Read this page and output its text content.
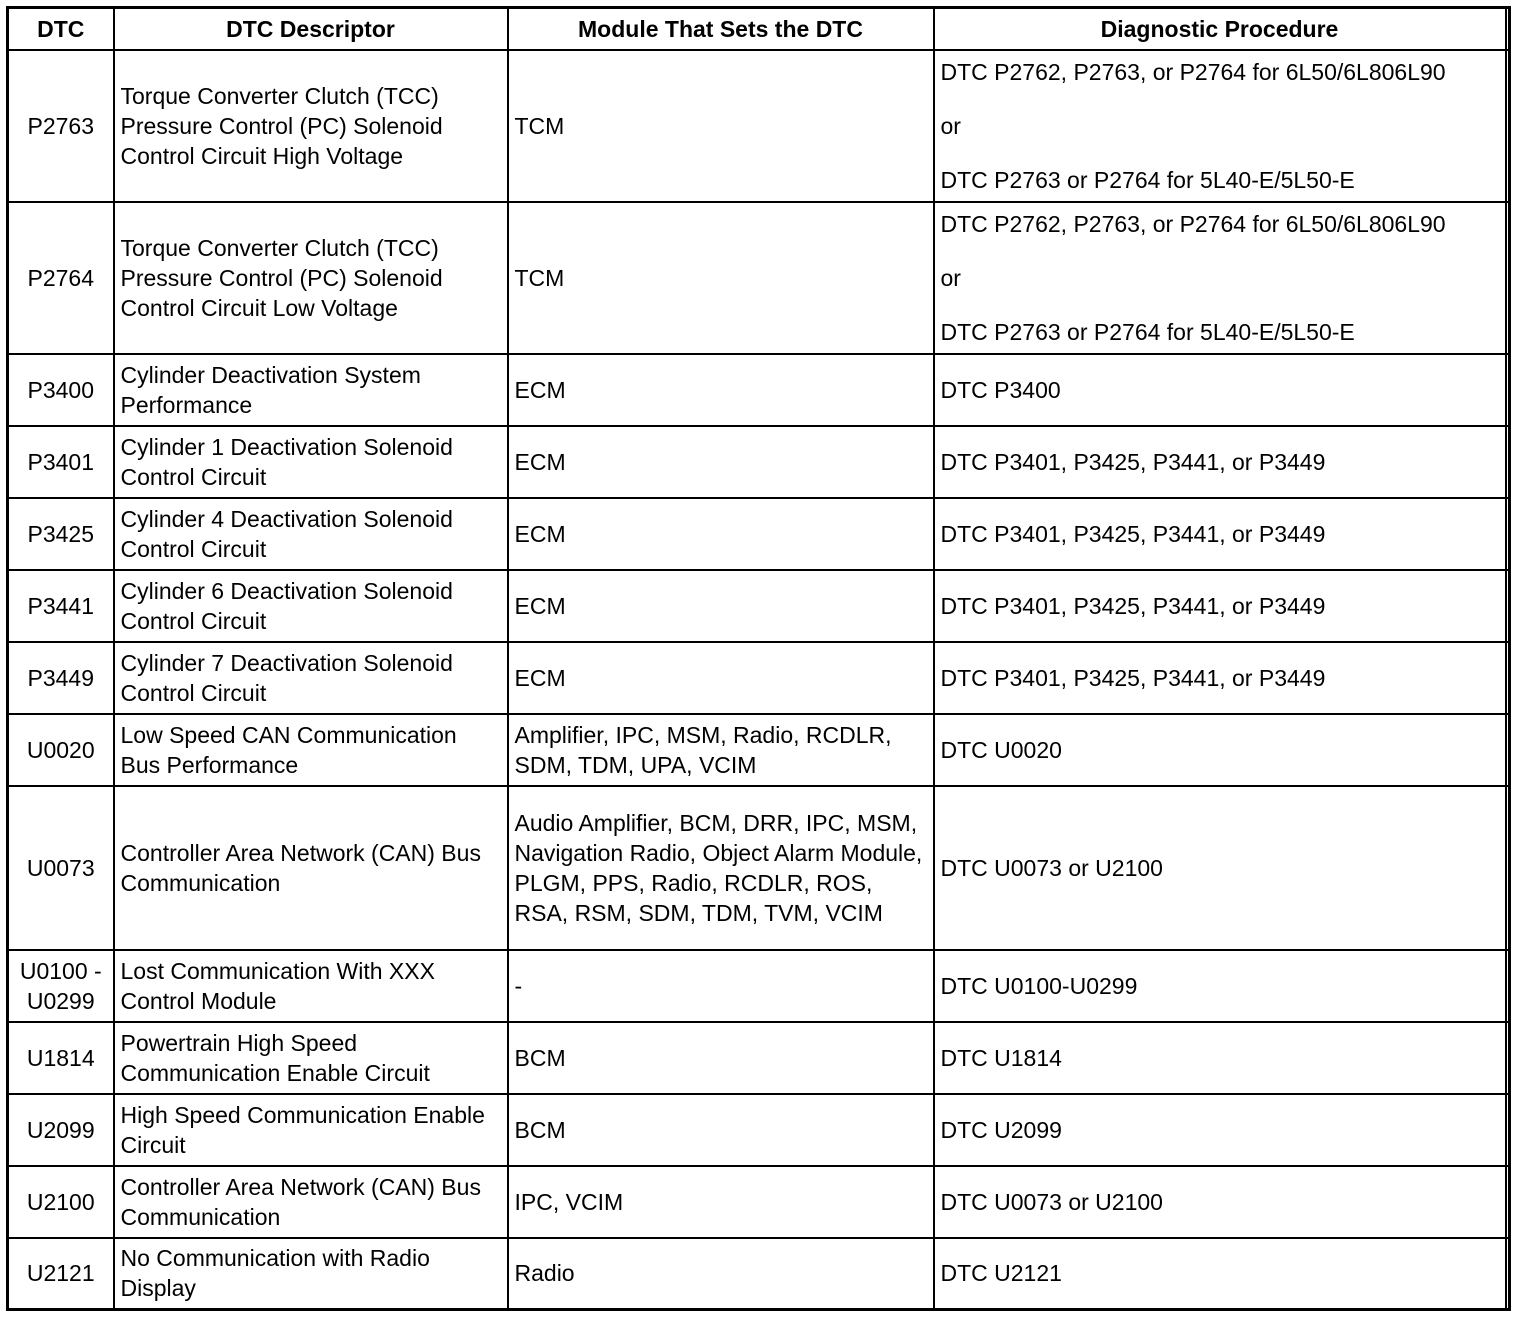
DTC	DTC Descriptor	Module That Sets the DTC	Diagnostic Procedure	
P2763	Torque Converter Clutch (TCC) Pressure Control (PC) Solenoid Control Circuit High Voltage	TCM	DTC P2762, P2763, or P2764 for 6L50/6L806L90
or
DTC P2763 or P2764 for 5L40-E/5L50-E	

P2764	Torque Converter Clutch (TCC) Pressure Control (PC) Solenoid Control Circuit Low Voltage	TCM	DTC P2762, P2763, or P2764 for 6L50/6L806L90
or
DTC P2763 or P2764 for 5L40-E/5L50-E	

P3400	Cylinder Deactivation System Performance	ECM	DTC P3400	

P3401	Cylinder 1 Deactivation Solenoid Control Circuit	ECM	DTC P3401, P3425, P3441, or P3449	

P3425	Cylinder 4 Deactivation Solenoid Control Circuit	ECM	DTC P3401, P3425, P3441, or P3449	

P3441	Cylinder 6 Deactivation Solenoid Control Circuit	ECM	DTC P3401, P3425, P3441, or P3449	

P3449	Cylinder 7 Deactivation Solenoid Control Circuit	ECM	DTC P3401, P3425, P3441, or P3449	

U0020	Low Speed CAN Communication Bus Performance	Amplifier, IPC, MSM, Radio, RCDLR, SDM, TDM, UPA, VCIM	DTC U0020	

U0073	Controller Area Network (CAN) Bus Communication	Audio Amplifier, BCM, DRR, IPC, MSM, Navigation Radio, Object Alarm Module, PLGM, PPS, Radio, RCDLR, ROS, RSA, RSM, SDM, TDM, TVM, VCIM	DTC U0073 or U2100	

U0100 - U0299	Lost Communication With XXX Control Module	-	DTC U0100-U0299	

U1814	Powertrain High Speed Communication Enable Circuit	BCM	DTC U1814	

U2099	High Speed Communication Enable Circuit	BCM	DTC U2099	

U2100	Controller Area Network (CAN) Bus Communication	IPC, VCIM	DTC U0073 or U2100	

U2121	No Communication with Radio Display	Radio	DTC U2121	
